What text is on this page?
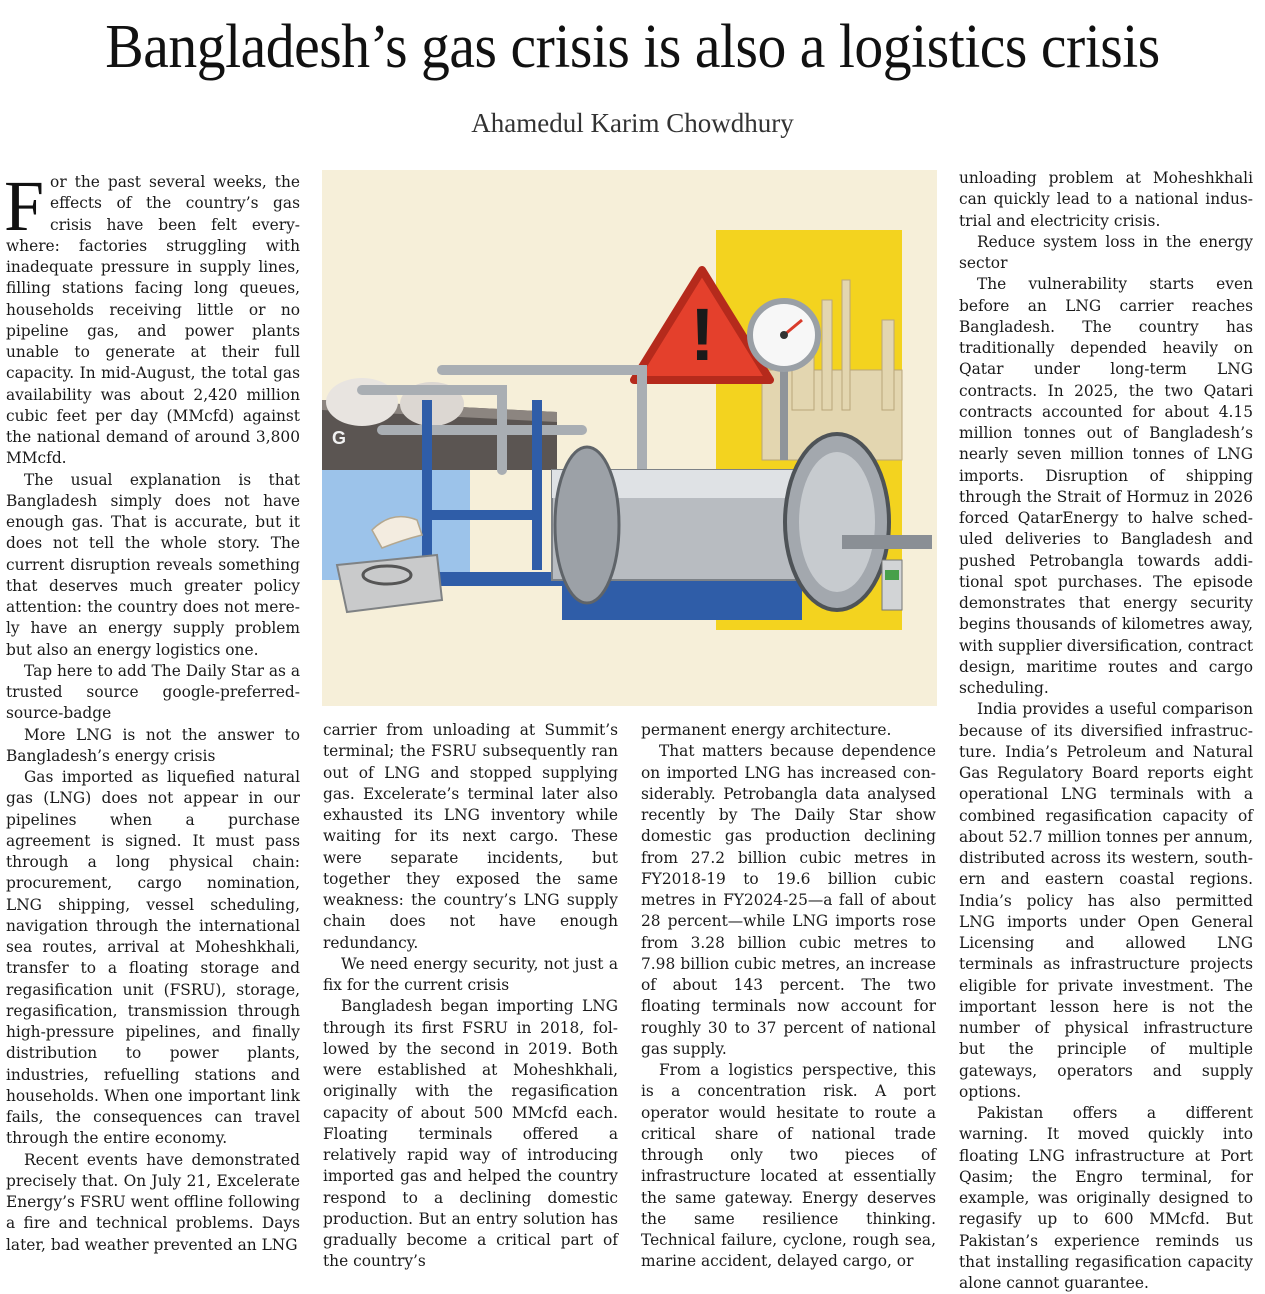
Bangladesh’s gas crisis is also a logistics crisis
Ahamedul Karim Chowdhury

For the past several weeks, the effects of the country’s gas crisis have been felt everywhere: factories struggling with inadequate pressure in supply lines, filling stations facing long queues, households receiving little or no pipeline gas, and power plants unable to generate at their full capacity. In mid-August, the total gas availability was about 2,420 million cubic feet per day (MMcfd) against the national demand of around 3,800 MMcfd.

The usual explanation is that Bangladesh simply does not have enough gas. That is accurate, but it does not tell the whole story. The current disruption reveals something that deserves much greater policy attention: the country does not merely have an energy supply problem but also an energy logistics one.

Tap here to add The Daily Star as a trusted source google-preferred-source-badge

More LNG is not the answer to Bangladesh’s energy crisis

Gas imported as liquefied natural gas (LNG) does not appear in our pipelines when a purchase agreement is signed. It must pass through a long physical chain: procurement, cargo nomination, LNG shipping, vessel scheduling, navigation through the international sea routes, arrival at Moheshkhali, transfer to a floating storage and regasification unit (FSRU), storage, regasification, transmission through high-pressure pipelines, and finally distribution to power plants, industries, refuelling stations and households. When one important link fails, the consequences can travel through the entire economy.

Recent events have demonstrated precisely that. On July 21, Excelerate Energy’s FSRU went offline following a fire and technical problems. Days later, bad weather prevented an LNG

G
!

carrier from unloading at Summit’s terminal; the FSRU subsequently ran out of LNG and stopped supplying gas. Excelerate’s terminal later also exhausted its LNG inventory while waiting for its next cargo. These were separate incidents, but together they exposed the same weakness: the country’s LNG supply chain does not have enough redundancy.

We need energy security, not just a fix for the current crisis

Bangladesh began importing LNG through its first FSRU in 2018, followed by the second in 2019. Both were established at Moheshkhali, originally with the regasification capacity of about 500 MMcfd each. Floating terminals offered a relatively rapid way of introducing imported gas and helped the country respond to a declining domestic production. But an entry solution has gradually become a critical part of the country’s

permanent energy architecture.

That matters because dependence on imported LNG has increased considerably. Petrobangla data analysed recently by The Daily Star show domestic gas production declining from 27.2 billion cubic metres in FY2018-19 to 19.6 billion cubic metres in FY2024-25—a fall of about 28 percent—while LNG imports rose from 3.28 billion cubic metres to 7.98 billion cubic metres, an increase of about 143 percent. The two floating terminals now account for roughly 30 to 37 percent of national gas supply.

From a logistics perspective, this is a concentration risk. A port operator would hesitate to route a critical share of national trade through only two pieces of infrastructure located at essentially the same gateway. Energy deserves the same resilience thinking. Technical failure, cyclone, rough sea, marine accident, delayed cargo, or

unloading problem at Moheshkhali can quickly lead to a national industrial and electricity crisis.

Reduce system loss in the energy sector

The vulnerability starts even before an LNG carrier reaches Bangladesh. The country has traditionally depended heavily on Qatar under long-term LNG contracts. In 2025, the two Qatari contracts accounted for about 4.15 million tonnes out of Bangladesh’s nearly seven million tonnes of LNG imports. Disruption of shipping through the Strait of Hormuz in 2026 forced QatarEnergy to halve scheduled deliveries to Bangladesh and pushed Petrobangla towards additional spot purchases. The episode demonstrates that energy security begins thousands of kilometres away, with supplier diversification, contract design, maritime routes and cargo scheduling.

India provides a useful comparison because of its diversified infrastructure. India’s Petroleum and Natural Gas Regulatory Board reports eight operational LNG terminals with a combined regasification capacity of about 52.7 million tonnes per annum, distributed across its western, southern and eastern coastal regions. India’s policy has also permitted LNG imports under Open General Licensing and allowed LNG terminals as infrastructure projects eligible for private investment. The important lesson here is not the number of physical infrastructure but the principle of multiple gateways, operators and supply options.

Pakistan offers a different warning. It moved quickly into floating LNG infrastructure at Port Qasim; the Engro terminal, for example, was originally designed to regasify up to 600 MMcfd. But Pakistan’s experience reminds us that installing regasification capacity alone cannot guarantee.
